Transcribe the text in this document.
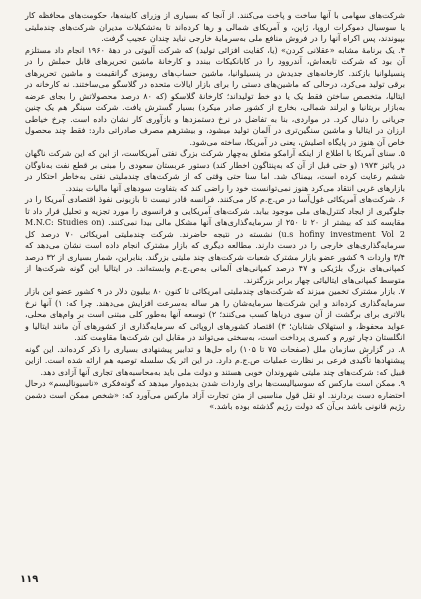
شرکت‌های سهامی با آنها ساخت و پاخت می‌کنند. از آنجا که بسیاری از وزرای کابینه‌ها، حکومت‌های محافظه کار یا سوسیال دموکرات اروپا، ژاپن، و آمریکای شمالی و رها کرده‌اند تا به‌تشکیلات مدیران شرکت‌های چندملیتی بپیوندند، پس اکراه آنها را در فروش منافع ملی به‌سرمایهٔ خارجی نباید چندان عجیب گرفت.

۴. یک برنامهٔ مشابه «عقلانی کردن» (یا، کفایت افزائی تولید) که شرکت آلیوتی در دههٔ ۱۹۶۰ انجام داد مستلزم آن بود که شرکت تابعه‌اش، آندروود را در کابانکیکات ببندد و کارخانهٔ ماشین تحریرهای قابل حملش را در پنسیلوانیا بازکند. کارخانه‌های جدیدش در پنسیلوانیا، ماشین حساب‌های رومیزی گرانقیمت و ماشین تحریرهای برقی تولید می‌کرد، درحالی که ماشین‌های دستی را برای بازار ایالات متحده در گلاسگو می‌ساختند. نه کارخانه در ایتالیا، متخصص ساختن فقط یک یا دو خط تولیداند؛ کارخانهٔ گلاسکو (که ۸۰ درصد محصولاتش را بجای عرضه به‌بازار بریتانیا و ایرلند شمالی، بخارج از کشور صادر میکرد) بسیار گسترش یافت. شرکت سینگر هم یک چنین جریانی را دنبال کرد. در مواردی، بنا به تفاضل در نرخ دستمزدها و بازآوری کار نشان داده است. چرخ خیاطی ارزان در ایتالیا و ماشین سنگین‌تری در آلمان تولید میشود، و بیشترهم مصرف صادراتی دارد: فقط چند محصول خاص آن هنوز در پایگاه اصلیش، یعنی در آمریکا، ساخته می‌شود.

۵. سنای آمریکا با اطلاع از اینکه آرامکو متعلق به‌چهار شرکت بزرگ نفتی آمریکاست، از این که این شرکت ناگهان در پائیز ۱۹۷۳ (و حتی قبل از آن که به‌پنتاگون اخطار کند) دستور عربستان سعودی را مبنی بر قطع نفت به‌ناوگان ششم رعایت کرده است، بیمناک شد. اما سنا حتی وقتی که از شرکت‌های چندملیتی نفتی به‌خاطر احتکار در بازارهای غربی انتقاد می‌کرد هنوز نمی‌توانست خود را راضی کند که بتفاوت سودها‌ی آنها مالیات ببندد.

۶. شرکت‌های آمریکائی غول‌آسا در ص.ج.م کار می‌کنند. فرانسه قادر نیست تا بازبونی نفوذ اقتصادی آمریکا را در جلوگیری از ایجاد کنترل‌های ملی موجود بیابد. شرکت‌های آمریکایی و فرانسوی را مورد تجزیه و تحلیل قرار داد تا مقایسه کند که بیشتر از ۲۰ تا ۲۵۰ از سرمایه‌گذاری‌های آنها مشکل مالی بیدا نمی‌کنند. (M.N.C: Studies on u.s hofiny investment Vol 2) نشسته در نتیجه حاضرند. شرکت چندملیتی امریکائی ۷۰ درصد کل سرمایه‌گذاری‌های خارجی را در دست دارند. مطالعه دیگری که بازار مشترک انجام داده است نشان می‌دهد که ۳/۴ واردات ۹ کشور عضو بازار مشترک شعبات شرکت‌های چند ملیتی بزرگند. بنابراین، شمار بسیاری از ۳۲ درصد کمپانی‌های بزرگ بلژیکی و ۴۷ درصد کمپانی‌های آلمانی به‌ص.ج.م وابسته‌اند. در ایتالیا این گونه شرکت‌ها از متوسط کمپانی‌های ایتالیائی چهار برابر بزرگترند.

۷. بازار مشترک تخمین میزند که شرکت‌های چندملیتی امریکائی تا کنون ۸۰ بیلیون دلار در ۹ کشور عضو این بازار سرمایه‌گذاری کرده‌اند و این شرکت‌ها سرمایه‌شان را هر ساله به‌سرعت افزایش می‌دهند. چرا که: ۱) آنها نرخ بالاتری برای برگشت از آن سوی دریاها کسب می‌کنند؛ ۲) توسعه آنها به‌طور کلی مبتنی است بر وام‌های محلی، عواید محفوظ، و استهلاک شتابان؛ ۳) اقتصاد کشورهای اروپائی که سرمایه‌گذاری از کشورهای آن مانند ایتالیا و انگلستان دچار تورم و کسری پرداخت است، به‌سختی می‌تواند در مقابل این شرکت‌ها مقاومت کند.

۸. در گزارش سازمان ملل (صفحات ۷۵ تا ۱۰۵) راه حل‌ها و تدابیر پیشنهادی بسیاری را ذکر کرده‌اند. این گونه پیشنهادها تأکیدی فرعی بر نظارت عملیات ص.ج.م دارد. در این اثر یک سلسله توصیه هم ارائه شده است. ازاین قبیل که: شرکت‌های چند ملیتی شهروندان خوبی هستند و دولت ملی باید به‌محاسبه‌های تجاری آنها آزادی دهد.

۹. ممکن است مارکس که سوسیالیست‌ها برای واردات شدن بدیده‌وار میدهد که گونه‌فکری «ناسیونالیسم» درحال احتضاره دست بردارند. او نقل قول مناسبی از متن تجارت آزاد مارکس می‌آورد که: «شخص ممکن است دشمن رژیم قانونی باشد بی‌آن که دولت رژیم گذشته بوده باشد.»

۱۱۹
